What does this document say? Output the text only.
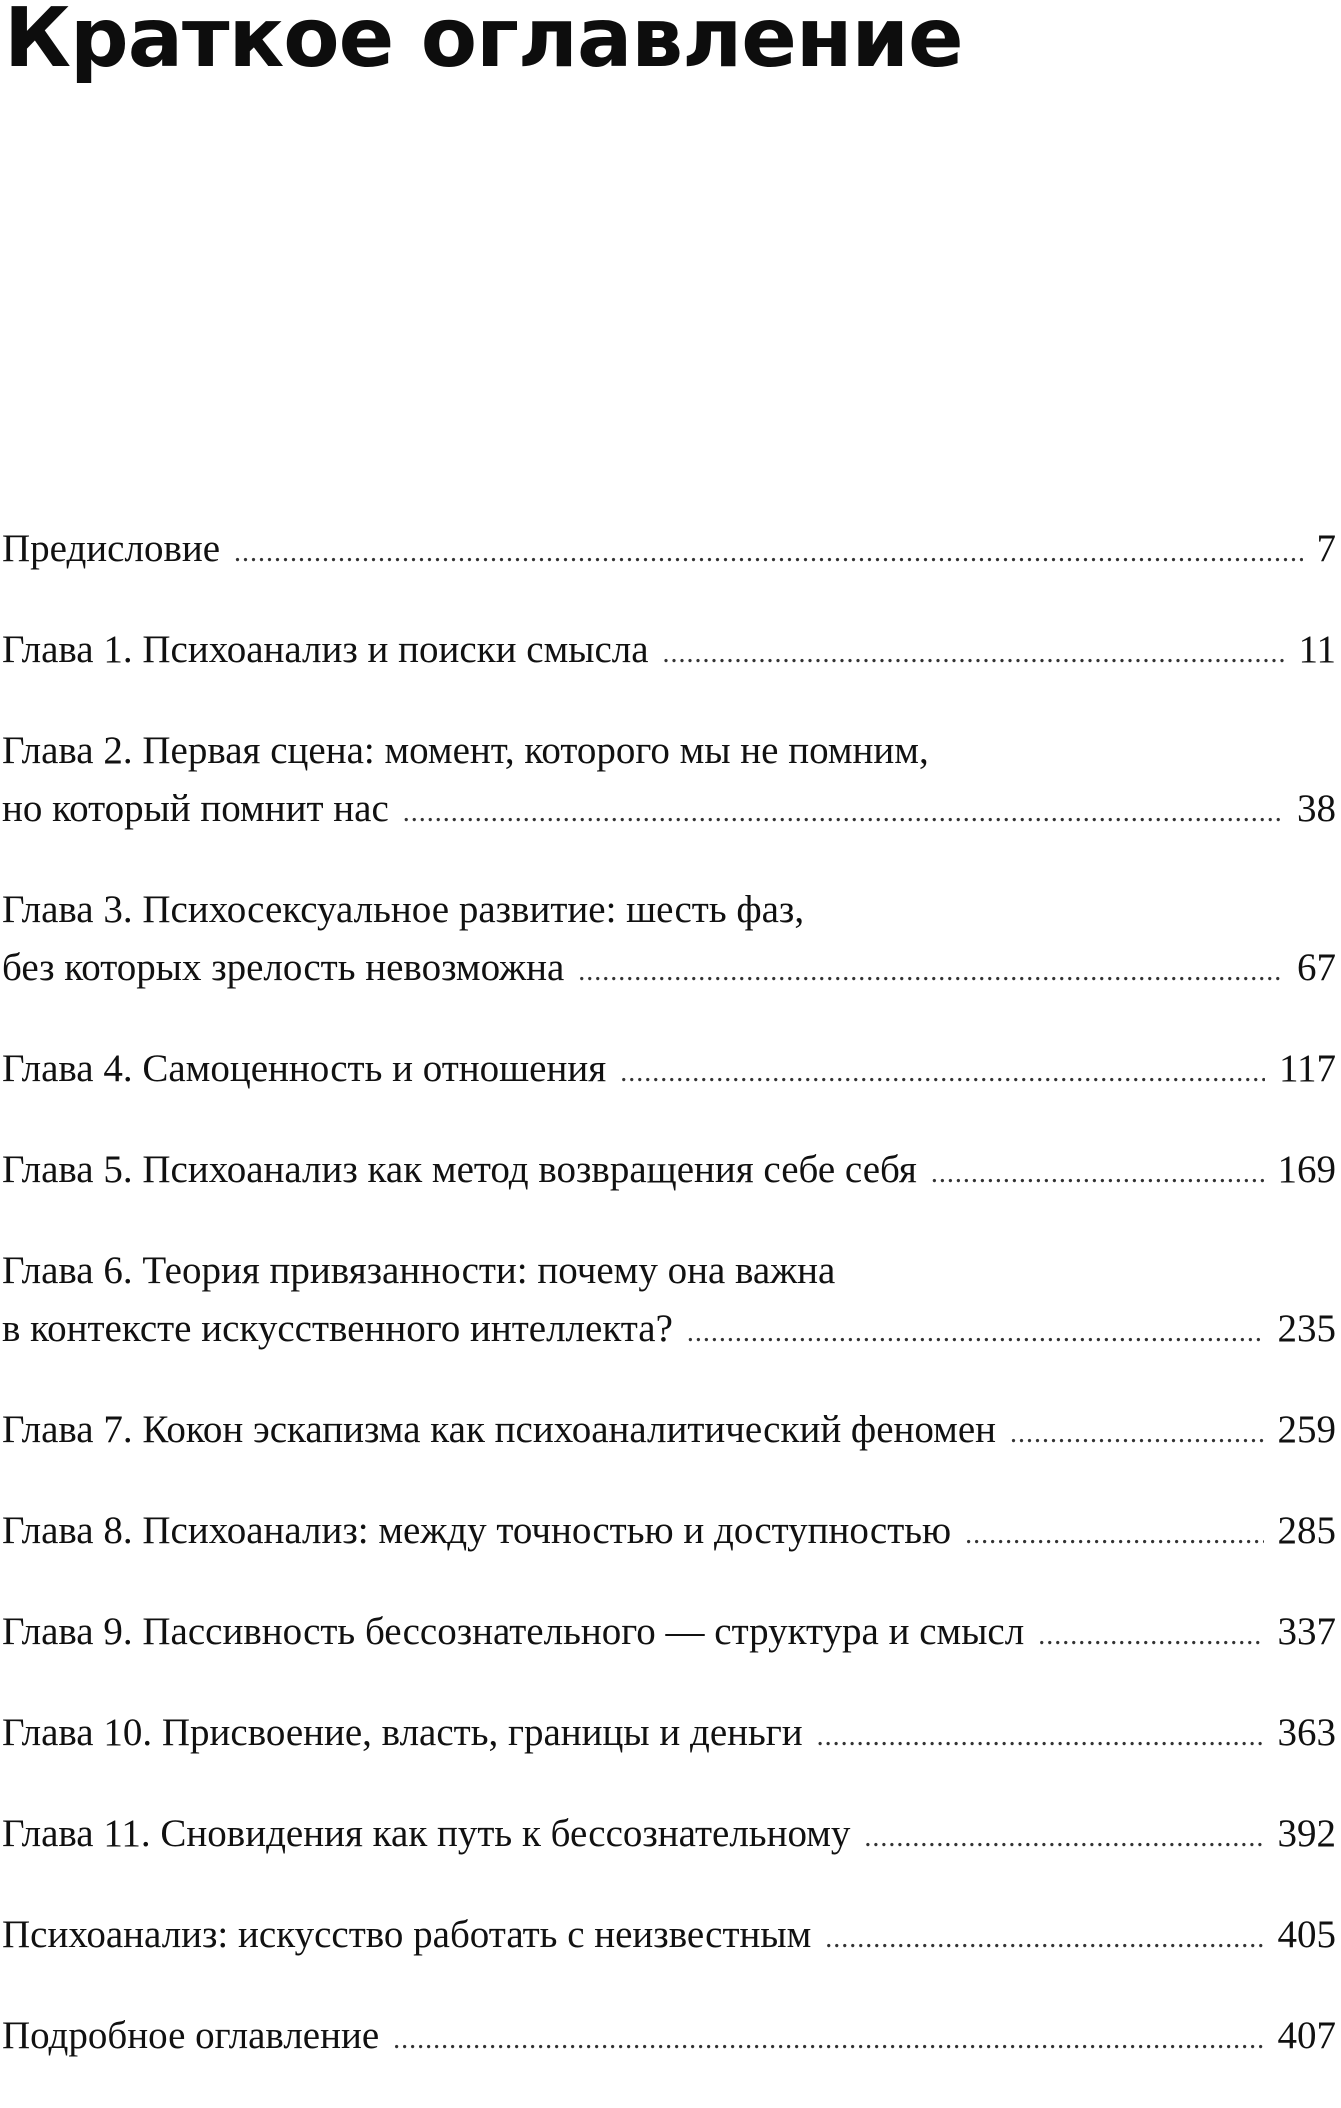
Краткое оглавление
Предисловие . . .	7
Глава 1. Психоанализ и поиски смысла . . .	11
Глава 2. Первая сцена: момент, которого мы не помним,
но который помнит нас . . .	38
Глава 3. Психосексуальное развитие: шесть фаз,
без которых зрелость невозможна . . .	67
Глава 4. Самоценность и отношения . . .	117
Глава 5. Психоанализ как метод возвращения себе себя . . .	169
Глава 6. Теория привязанности: почему она важна
в контексте искусственного интеллекта? . . .	235
Глава 7. Кокон эскапизма как психоаналитический феномен . . .	259
Глава 8. Психоанализ: между точностью и доступностью . . .	285
Глава 9. Пассивность бессознательного — структура и смысл . . .	337
Глава 10. Присвоение, власть, границы и деньги . . .	363
Глава 11. Сновидения как путь к бессознательному . . .	392
Психоанализ: искусство работать с неизвестным . . .	405
Подробное оглавление . . .	407
